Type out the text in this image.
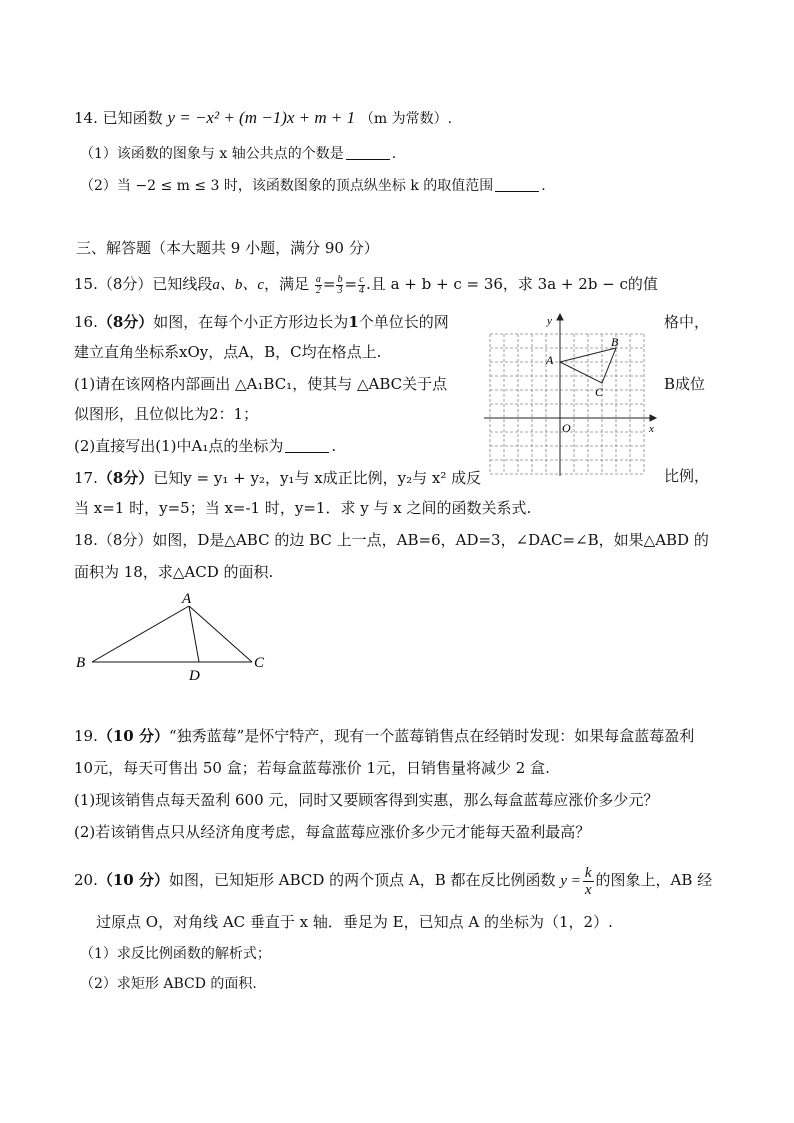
14. 已知函数 y = −x² + (m −1)x + m + 1 （m 为常数）.
（1）该函数的图象与 x 轴公共点的个数是	.
（2）当 −2 ≤ m ≤ 3 时，该函数图象的顶点纵坐标 k 的取值范围	.
三、解答题（本大题共 9 小题，满分 90 分）
15.（8分）已知线段a、b、c，满足 $\frac{a}{2} = \frac{b}{3} = \frac{c}{4}$ .且 a + b + c = 36，求 3a + 2b − c的值
16.（8分）如图，在每个小正方形边长为1个单位长的网	格中，
建立直角坐标系xOy，点A，B，C均在格点上.
(1)请在该网格内部画出 △A₁BC₁，使其与 △ABC关于点	B成位
似图形，且位似比为2：1；
(2)直接写出(1)中A₁点的坐标为	.
x
y
O
A
B
C
17.（8分）已知y = y₁ + y₂，y₁与 x成正比例，y₂与 x² 成反	比例，
当 x=1 时，y=5；当 x=-1 时，y=1．求 y 与 x 之间的函数关系式.
18.（8分）如图，D是△ABC 的边 BC 上一点，AB=6，AD=3，∠DAC=∠B，如果△ABD 的
面积为 18，求△ACD 的面积.
A
B	C
D
19.（10 分）“独秀蓝莓”是怀宁特产，现有一个蓝莓销售点在经销时发现：如果每盒蓝莓盈利
10元，每天可售出 50 盒；若每盒蓝莓涨价 1元，日销售量将减少 2 盒.
(1)现该销售点每天盈利 600 元，同时又要顾客得到实惠，那么每盒蓝莓应涨价多少元？
(2)若该销售点只从经济角度考虑，每盒蓝莓应涨价多少元才能每天盈利最高？
20.（10 分）如图，已知矩形 ABCD 的两个顶点 A，B 都在反比例函数 $y = \frac{k}{x}$ 的图象上，AB 经
过原点 O，对角线 AC 垂直于 x 轴．垂足为 E，已知点 A 的坐标为（1，2）.
（1）求反比例函数的解析式；
（2）求矩形 ABCD 的面积.
